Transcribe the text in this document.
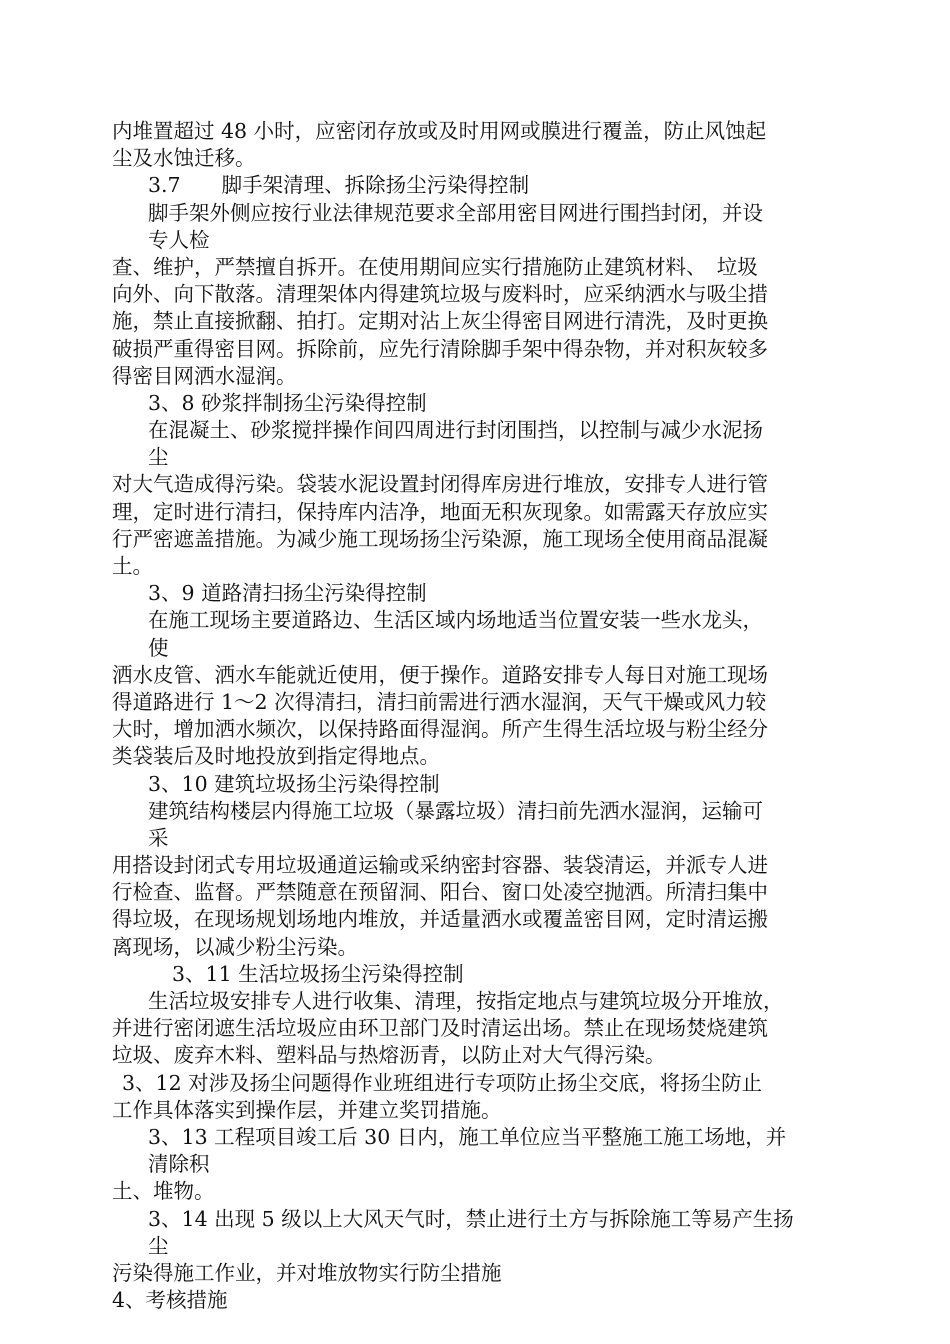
内堆置超过 48 小时，应密闭存放或及时用网或膜进行覆盖，防止风蚀起
尘及水蚀迁移。
3.7　　脚手架清理、拆除扬尘污染得控制
脚手架外侧应按行业法律规范要求全部用密目网进行围挡封闭，并设
专人检
查、维护，严禁擅自拆开。在使用期间应实行措施防止建筑材料、　垃圾
向外、向下散落。清理架体内得建筑垃圾与废料时，应采纳洒水与吸尘措
施，禁止直接掀翻、拍打。定期对沾上灰尘得密目网进行清洗，及时更换
破损严重得密目网。拆除前，应先行清除脚手架中得杂物，并对积灰较多
得密目网洒水湿润。
3、8 砂浆拌制扬尘污染得控制
在混凝土、砂浆搅拌操作间四周进行封闭围挡，以控制与减少水泥扬
尘
对大气造成得污染。袋装水泥设置封闭得库房进行堆放，安排专人进行管
理，定时进行清扫，保持库内洁净，地面无积灰现象。如需露天存放应实
行严密遮盖措施。为减少施工现场扬尘污染源，施工现场全使用商品混凝
土。
3、9 道路清扫扬尘污染得控制
在施工现场主要道路边、生活区域内场地适当位置安装一些水龙头，
使
洒水皮管、洒水车能就近使用，便于操作。道路安排专人每日对施工现场
得道路进行 1～2 次得清扫，清扫前需进行洒水湿润，天气干燥或风力较
大时，增加洒水频次，以保持路面得湿润。所产生得生活垃圾与粉尘经分
类袋装后及时地投放到指定得地点。
3、10 建筑垃圾扬尘污染得控制
建筑结构楼层内得施工垃圾（暴露垃圾）清扫前先洒水湿润，运输可
采
用搭设封闭式专用垃圾通道运输或采纳密封容器、装袋清运，并派专人进
行检查、监督。严禁随意在预留洞、阳台、窗口处凌空抛洒。所清扫集中
得垃圾，在现场规划场地内堆放，并适量洒水或覆盖密目网，定时清运搬
离现场，以减少粉尘污染。
3、11 生活垃圾扬尘污染得控制
生活垃圾安排专人进行收集、清理，按指定地点与建筑垃圾分开堆放，
并进行密闭遮生活垃圾应由环卫部门及时清运出场。禁止在现场焚烧建筑
垃圾、废弃木料、塑料品与热熔沥青，以防止对大气得污染。
3、12 对涉及扬尘问题得作业班组进行专项防止扬尘交底，将扬尘防止
工作具体落实到操作层，并建立奖罚措施。
3、13 工程项目竣工后 30 日内，施工单位应当平整施工施工场地，并
清除积
土、堆物。
3、14 出现 5 级以上大风天气时，禁止进行土方与拆除施工等易产生扬
尘
污染得施工作业，并对堆放物实行防尘措施
4、考核措施
